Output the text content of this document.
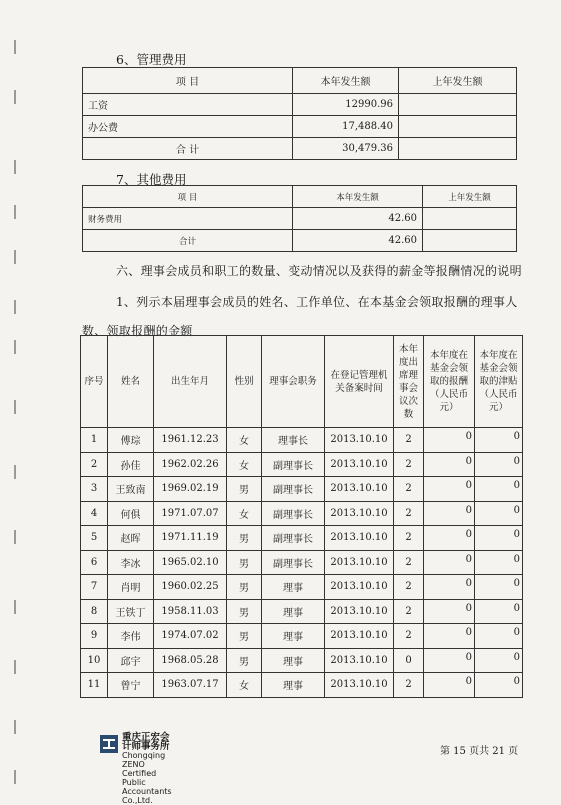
6、管理费用
项 目	本年发生额	上年发生额
工资	12990.96	
办公费	17,488.40	
合 计	30,479.36	
7、其他费用
项 目	本年发生额	上年发生额
财务费用	42.60	
合计	42.60	
六、理事会成员和职工的数量、变动情况以及获得的薪金等报酬情况的说明
1、列示本届理事会成员的姓名、工作单位、在本基金会领取报酬的理事人
数、领取报酬的金额
序号	姓名	出生年月	性别	理事会职务	在登记管理机关备案时间	本年度出席理事会议次数	本年度在基金会领取的报酬（人民币元）	本年度在基金会领取的津贴（人民币元）
1	傅琮	1961.12.23	女	理事长	2013.10.10	2	0	0
2	孙佳	1962.02.26	女	副理事长	2013.10.10	2	0	0
3	王致南	1969.02.19	男	副理事长	2013.10.10	2	0	0
4	何俱	1971.07.07	女	副理事长	2013.10.10	2	0	0
5	赵晖	1971.11.19	男	副理事长	2013.10.10	2	0	0
6	李冰	1965.02.10	男	副理事长	2013.10.10	2	0	0
7	肖明	1960.02.25	男	理事	2013.10.10	2	0	0
8	王铁丁	1958.11.03	男	理事	2013.10.10	2	0	0
9	李伟	1974.07.02	男	理事	2013.10.10	2	0	0
10	邱宇	1968.05.28	男	理事	2013.10.10	0	0	0
11	曾宁	1963.07.17	女	理事	2013.10.10	2	0	0
重庆正宏会计师事务所
Chongqing ZENO Certified Public
Accountants Co.,Ltd.
第 15 页共 21 页
